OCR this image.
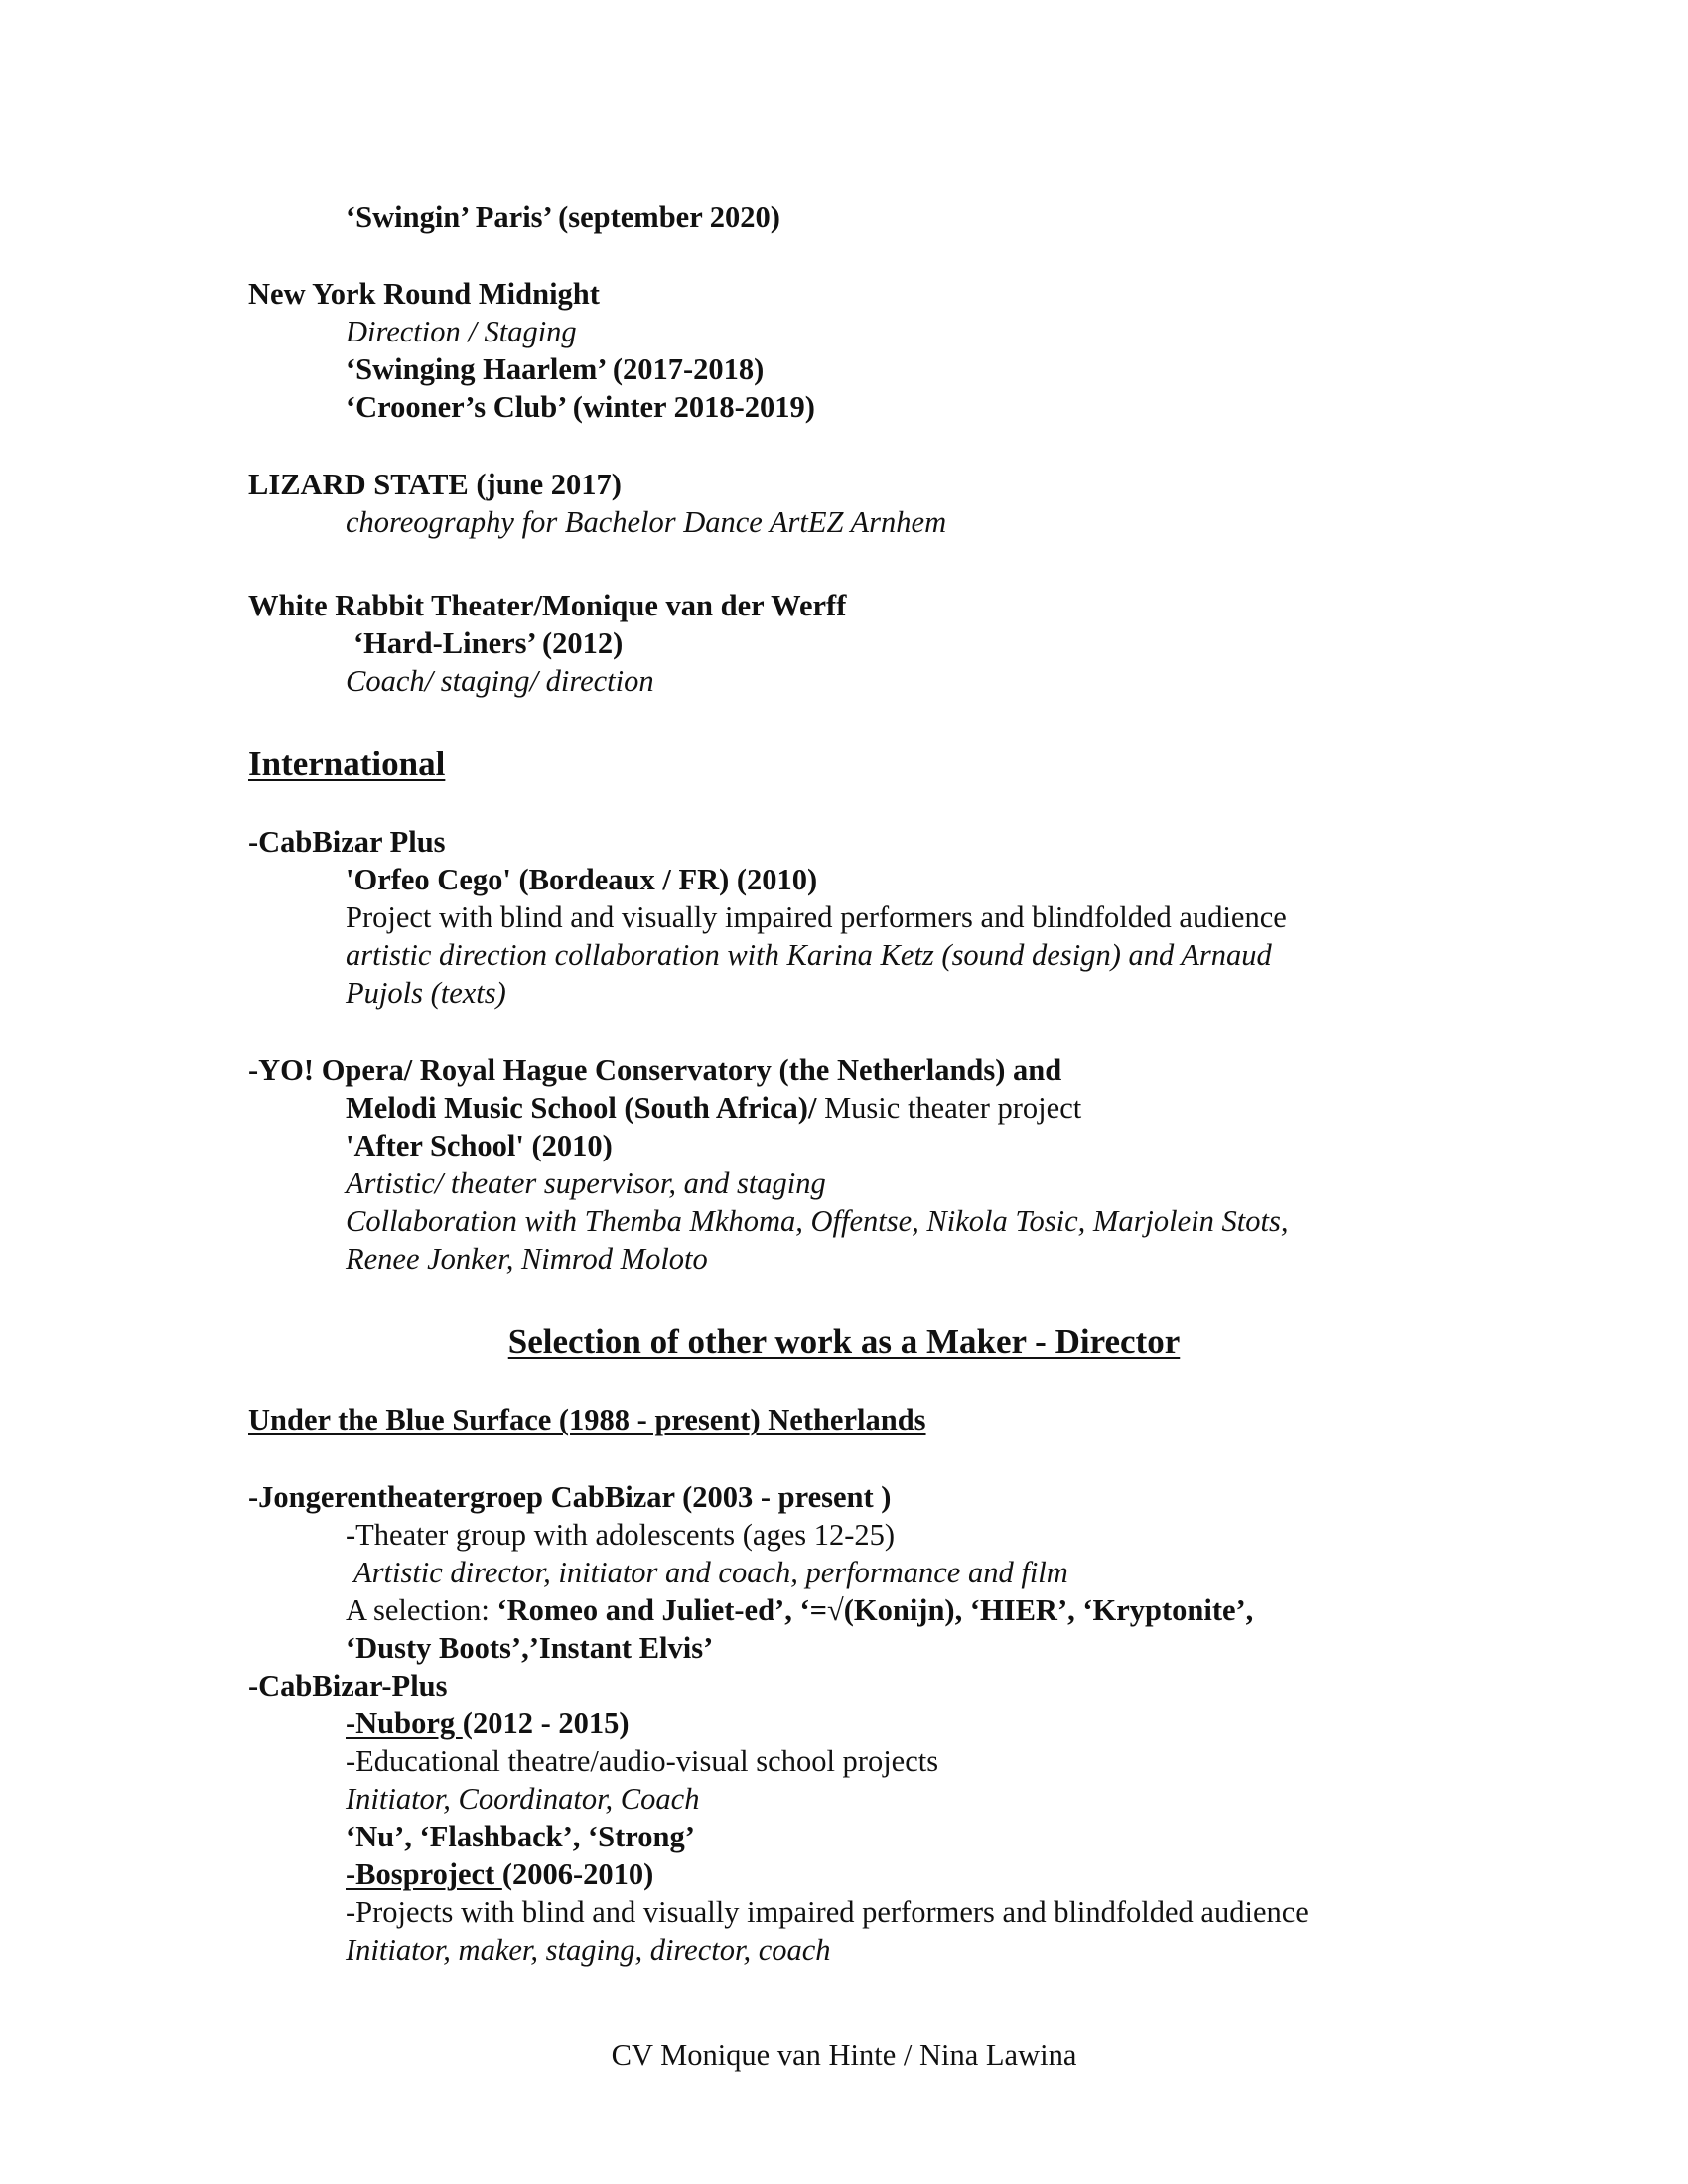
‘Swingin’ Paris’ (september 2020)
New York Round Midnight
Direction / Staging
‘Swinging Haarlem’ (2017-2018)
‘Crooner’s Club’ (winter 2018-2019)
LIZARD STATE (june 2017)
choreography for Bachelor Dance ArtEZ Arnhem
White Rabbit Theater/Monique van der Werff
‘Hard-Liners’ (2012)
Coach/ staging/ direction
International
-CabBizar Plus
'Orfeo Cego' (Bordeaux / FR) (2010)
Project with blind and visually impaired performers and blindfolded audience
artistic direction collaboration with Karina Ketz (sound design) and Arnaud
Pujols (texts)
-YO! Opera/ Royal Hague Conservatory (the Netherlands) and
Melodi Music School (South Africa)/ Music theater project
'After School' (2010)
Artistic/ theater supervisor, and staging
Collaboration with Themba Mkhoma, Offentse, Nikola Tosic, Marjolein Stots,
Renee Jonker, Nimrod Moloto
Selection of other work as a Maker - Director
Under the Blue Surface (1988 - present) Netherlands
-Jongerentheatergroep CabBizar (2003 - present )
-Theater group with adolescents (ages 12-25)
Artistic director, initiator and coach, performance and film
A selection: ‘Romeo and Juliet-ed’, ‘=√(Konijn), ‘HIER’, ‘Kryptonite’,
‘Dusty Boots’,’Instant Elvis’
-CabBizar-Plus
-Nuborg (2012 - 2015)
-Educational theatre/audio-visual school projects
Initiator, Coordinator, Coach
‘Nu’, ‘Flashback’, ‘Strong’
-Bosproject (2006-2010)
-Projects with blind and visually impaired performers and blindfolded audience
Initiator, maker, staging, director, coach
CV Monique van Hinte / Nina Lawina
